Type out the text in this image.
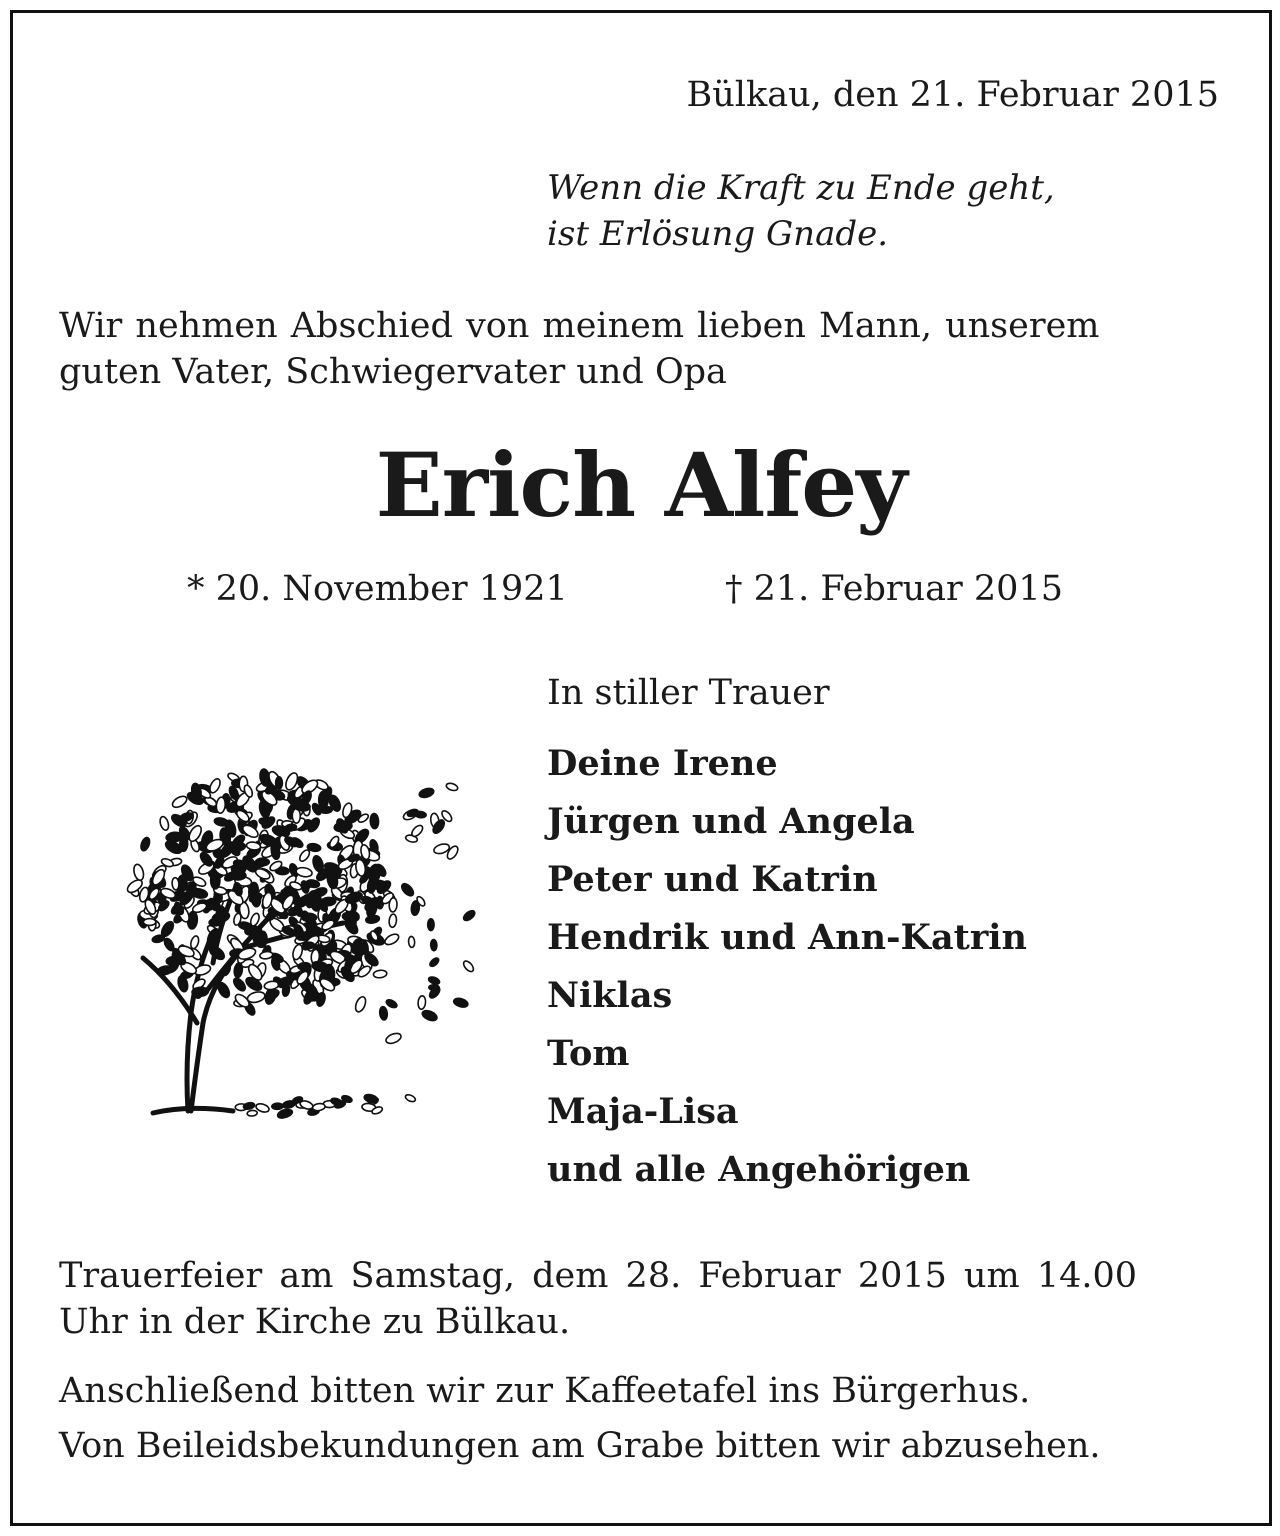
Bülkau, den 21. Februar 2015
Wenn die Kraft zu Ende geht,
ist Erlösung Gnade.
Wir nehmen Abschied von meinem lieben Mann, unserem
guten Vater, Schwiegervater und Opa
Erich Alfey
* 20. November 1921	† 21. Februar 2015
In stiller Trauer
Deine Irene
Jürgen und Angela
Peter und Katrin
Hendrik und Ann-Katrin
Niklas
Tom
Maja-Lisa
und alle Angehörigen
Trauerfeier am Samstag, dem 28. Februar 2015 um 14.00
Uhr in der Kirche zu Bülkau.
Anschließend bitten wir zur Kaffeetafel ins Bürgerhus.
Von Beileidsbekundungen am Grabe bitten wir abzusehen.
